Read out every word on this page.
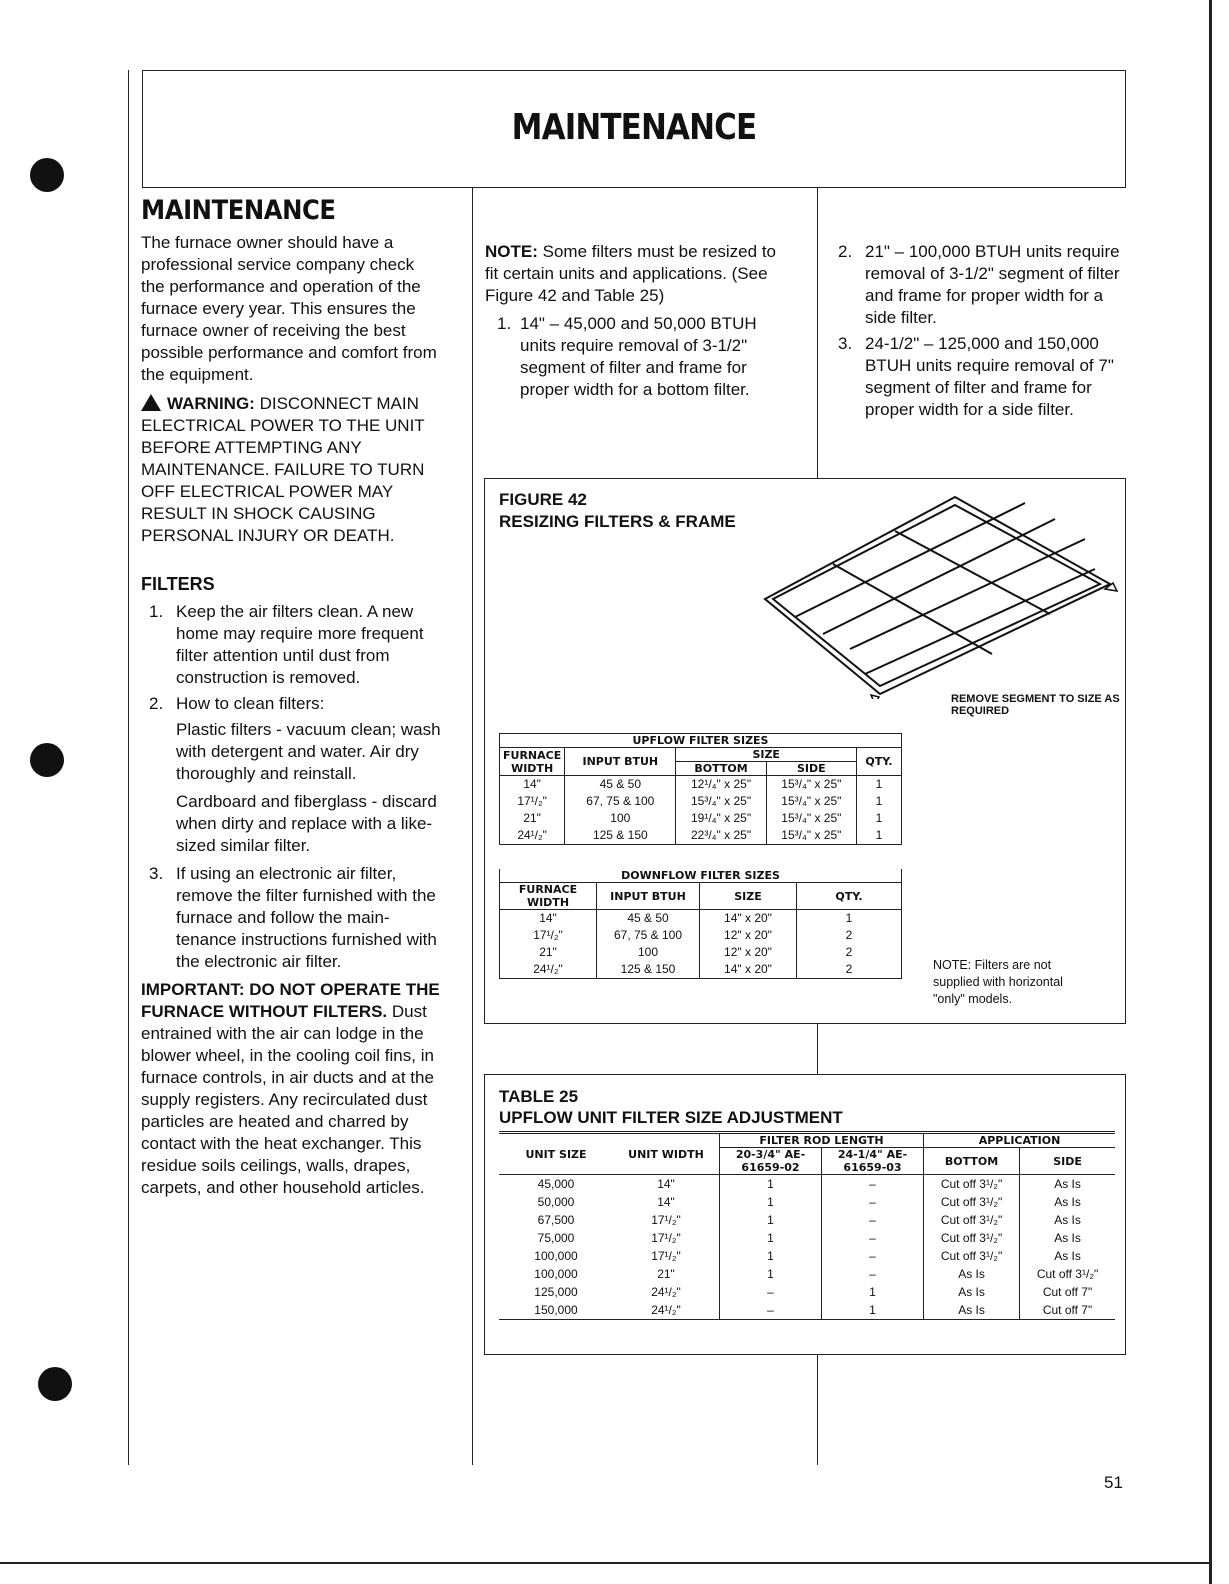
MAINTENANCE
MAINTENANCE

The furnace owner should have a professional service company check the performance and operation of the furnace every year. This ensures the furnace owner of receiving the best possible performance and comfort from the equipment.

WARNING: DISCONNECT MAIN ELECTRICAL POWER TO THE UNIT BEFORE ATTEMPTING ANY MAINTENANCE. FAILURE TO TURN OFF ELECTRICAL POWER MAY RESULT IN SHOCK CAUSING PERSONAL INJURY OR DEATH.

FILTERS
1. Keep the air filters clean. A new home may require more frequent filter attention until dust from construction is removed.
2. How to clean filters:
Plastic filters - vacuum clean; wash with detergent and water. Air dry thoroughly and reinstall.
Cardboard and fiberglass - discard when dirty and replace with a like-sized similar filter.
3. If using an electronic air filter, remove the filter furnished with the furnace and follow the main-tenance instructions furnished with the electronic air filter.

IMPORTANT: DO NOT OPERATE THE FURNACE WITHOUT FILTERS. Dust entrained with the air can lodge in the blower wheel, in the cooling coil fins, in furnace controls, in air ducts and at the supply registers. Any recirculated dust particles are heated and charred by contact with the heat exchanger. This residue soils ceilings, walls, drapes, carpets, and other household articles.

NOTE: Some filters must be resized to fit certain units and applications. (See Figure 42 and Table 25)

1. 14" – 45,000 and 50,000 BTUH units require removal of 3-1/2" segment of filter and frame for proper width for a bottom filter.
2. 21" – 100,000 BTUH units require removal of 3-1/2" segment of filter and frame for proper width for a side filter.
3. 24-1/2" – 125,000 and 150,000 BTUH units require removal of 7" segment of filter and frame for proper width for a side filter.
FIGURE 42
RESIZING FILTERS & FRAME
REMOVE SEGMENT TO SIZE AS REQUIRED
UPFLOW FILTER SIZES				
FURNACE WIDTH	INPUT BTUH	SIZE		QTY.
		BOTTOM	SIDE	
14"	45 & 50	12¹/₄" x 25"	15³/₄" x 25"	1
17¹/₂"	67, 75 & 100	15³/₄" x 25"	15³/₄" x 25"	1
21"	100	19¹/₄" x 25"	15³/₄" x 25"	1
24¹/₂"	125 & 150	22³/₄" x 25"	15³/₄" x 25"	1
DOWNFLOW FILTER SIZES			
FURNACE WIDTH	INPUT BTUH	SIZE	QTY.
14"	45 & 50	14" x 20"	1
17¹/₂"	67, 75 & 100	12" x 20"	2
21"	100	12" x 20"	2
24¹/₂"	125 & 150	14" x 20"	2	NOTE: Filters are not supplied with horizontal "only" models.
TABLE 25
UPFLOW UNIT FILTER SIZE ADJUSTMENT
UNIT SIZE	UNIT WIDTH	FILTER ROD LENGTH		APPLICATION	
		20-3/4" AE-61659-02	24-1/4" AE-61659-03	BOTTOM	SIDE
45,000	14"	1	–	Cut off 3¹/₂"	As Is
50,000	14"	1	–	Cut off 3¹/₂"	As Is
67,500	17¹/₂"	1	–	Cut off 3¹/₂"	As Is
75,000	17¹/₂"	1	–	Cut off 3¹/₂"	As Is
100,000	17¹/₂"	1	–	Cut off 3¹/₂"	As Is
100,000	21"	1	–	As Is	Cut off 3¹/₂"
125,000	24¹/₂"	–	1	As Is	Cut off 7"
150,000	24¹/₂"	–	1	As Is	Cut off 7"
51
